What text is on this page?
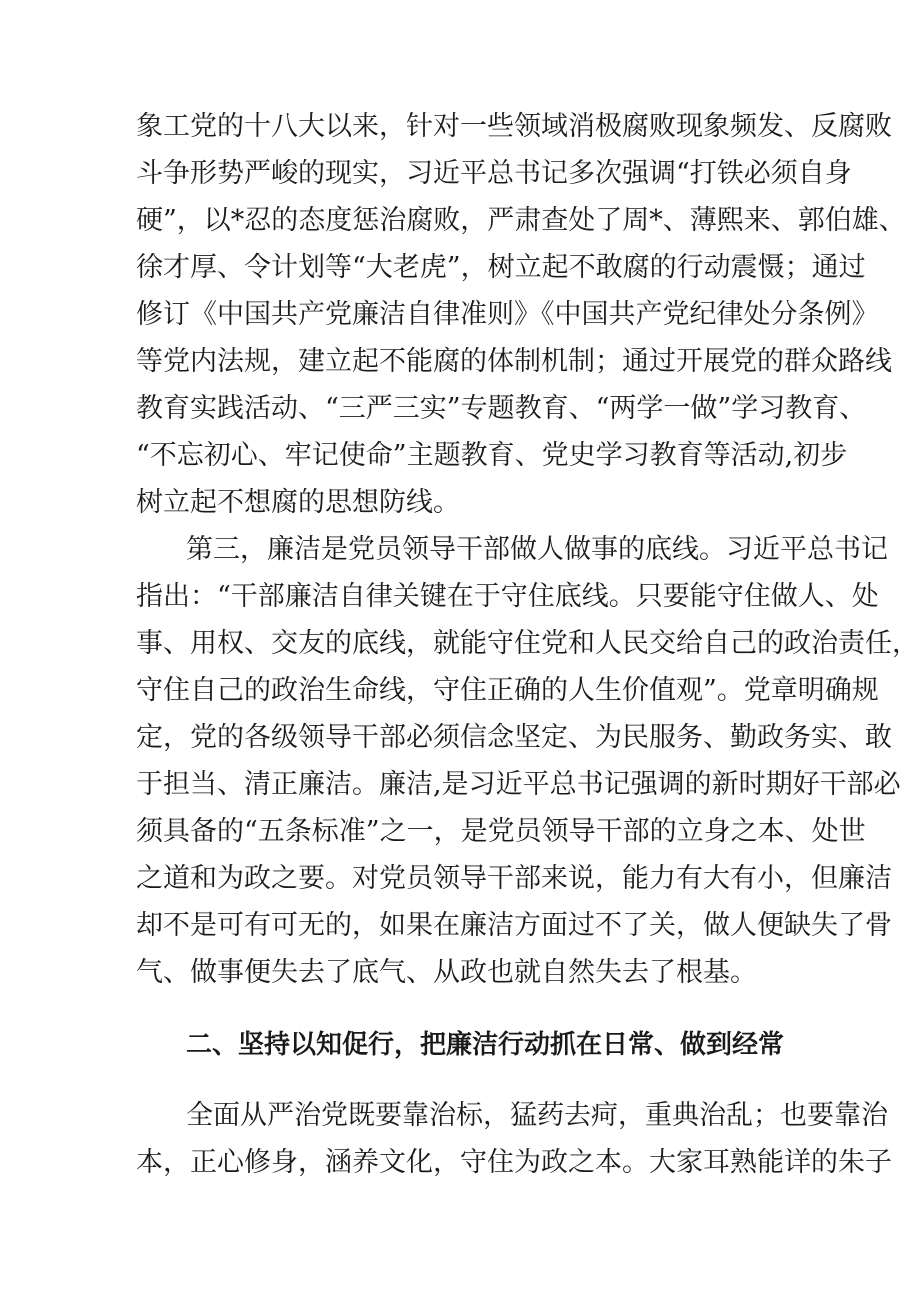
象工党的十八大以来，针对一些领域消极腐败现象频发、反腐败
斗争形势严峻的现实，习近平总书记多次强调“打铁必须自身
硬”，以*忍的态度惩治腐败，严肃查处了周*、薄熙来、郭伯雄、
徐才厚、令计划等“大老虎”，树立起不敢腐的行动震慑；通过
修订《中国共产党廉洁自律准则》《中国共产党纪律处分条例》
等党内法规，建立起不能腐的体制机制；通过开展党的群众路线
教育实践活动、“三严三实”专题教育、“两学一做”学习教育、
“不忘初心、牢记使命”主题教育、党史学习教育等活动,初步
树立起不想腐的思想防线。
第三，廉洁是党员领导干部做人做事的底线。习近平总书记
指出：“干部廉洁自律关键在于守住底线。只要能守住做人、处
事、用权、交友的底线，就能守住党和人民交给自己的政治责任，
守住自己的政治生命线，守住正确的人生价值观”。党章明确规
定，党的各级领导干部必须信念坚定、为民服务、勤政务实、敢
于担当、清正廉洁。廉洁,是习近平总书记强调的新时期好干部必
须具备的“五条标准”之一，是党员领导干部的立身之本、处世
之道和为政之要。对党员领导干部来说，能力有大有小，但廉洁
却不是可有可无的，如果在廉洁方面过不了关，做人便缺失了骨
气、做事便失去了底气、从政也就自然失去了根基。
二、坚持以知促行，把廉洁行动抓在日常、做到经常
全面从严治党既要靠治标，猛药去疴，重典治乱；也要靠治
本，正心修身，涵养文化，守住为政之本。大家耳熟能详的朱子
